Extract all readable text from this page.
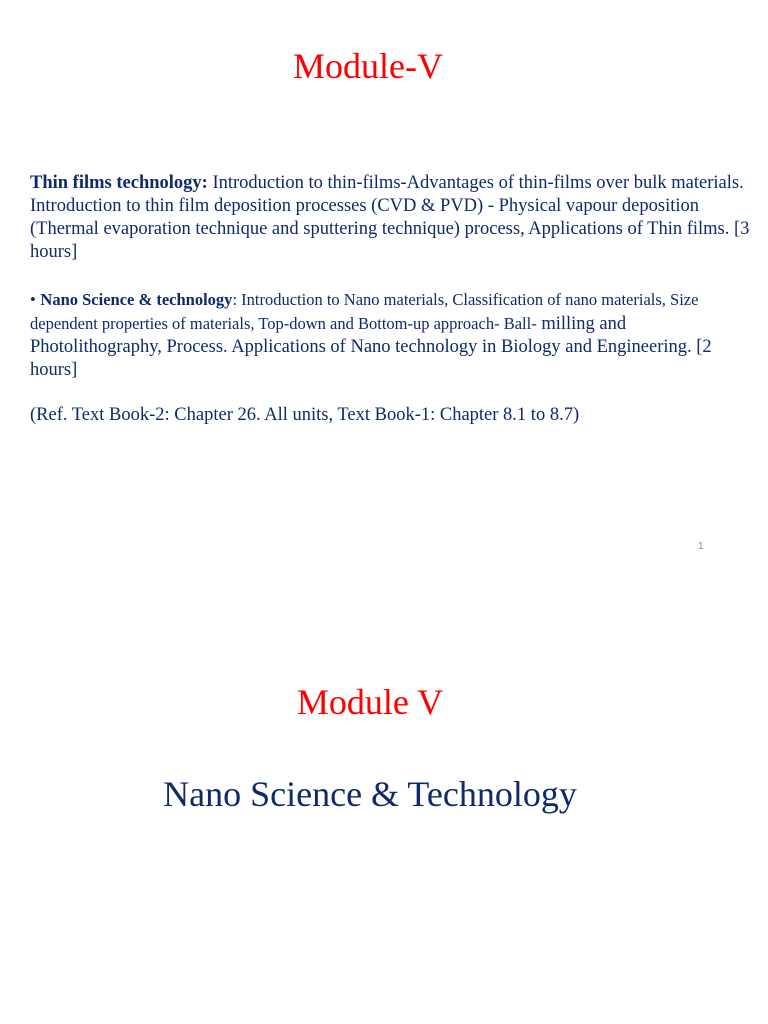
Module-V
Thin films technology: Introduction to thin-films-Advantages of thin-films over bulk materials. Introduction to thin film deposition processes (CVD & PVD) - Physical vapour deposition (Thermal evaporation technique and sputtering technique) process, Applications of Thin films. [3 hours]
• Nano Science & technology: Introduction to Nano materials, Classification of nano materials, Size dependent properties of materials, Top-down and Bottom-up approach- Ball- milling and Photolithography, Process. Applications of Nano technology in Biology and Engineering. [2 hours]
(Ref. Text Book-2: Chapter 26. All units, Text Book-1: Chapter 8.1 to 8.7)
1
Module V
Nano Science & Technology
